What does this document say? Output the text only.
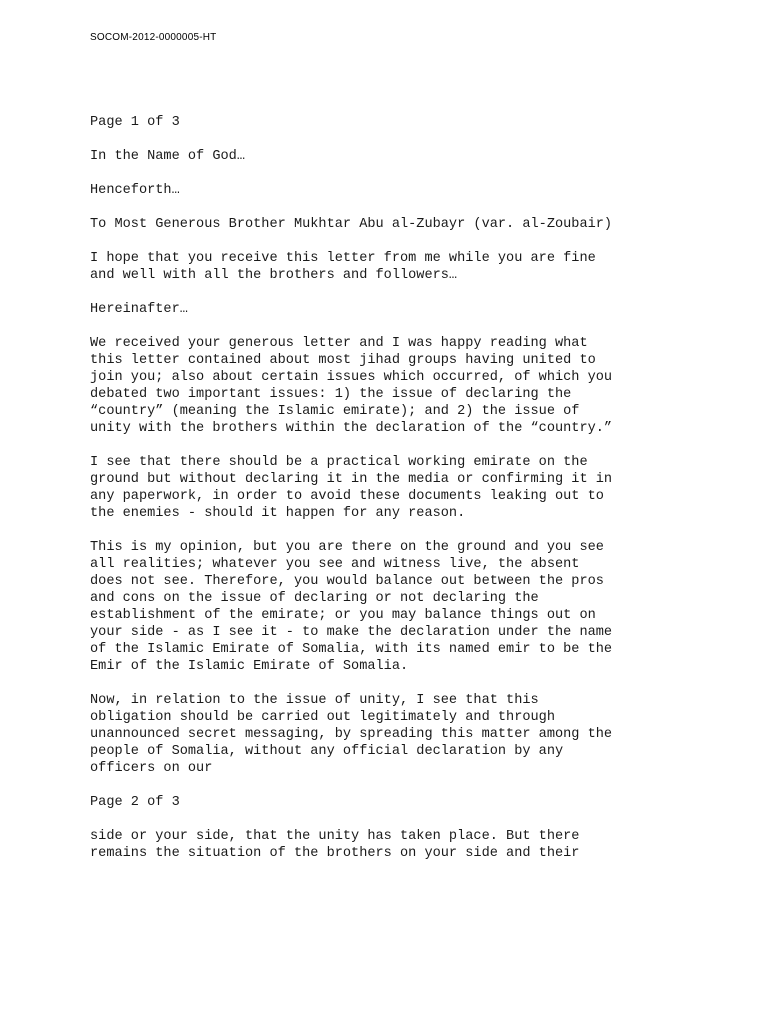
SOCOM-2012-0000005-HT

Page 1 of 3

In the Name of God…

Henceforth…

To Most Generous Brother Mukhtar Abu al-Zubayr (var. al-Zoubair)

I hope that you receive this letter from me while you are fine
and well with all the brothers and followers…

Hereinafter…

We received your generous letter and I was happy reading what
this letter contained about most jihad groups having united to
join you; also about certain issues which occurred, of which you
debated two important issues: 1) the issue of declaring the
“country” (meaning the Islamic emirate); and 2) the issue of
unity with the brothers within the declaration of the “country.”

I see that there should be a practical working emirate on the
ground but without declaring it in the media or confirming it in
any paperwork, in order to avoid these documents leaking out to
the enemies - should it happen for any reason.

This is my opinion, but you are there on the ground and you see
all realities; whatever you see and witness live, the absent
does not see. Therefore, you would balance out between the pros
and cons on the issue of declaring or not declaring the
establishment of the emirate; or you may balance things out on
your side - as I see it - to make the declaration under the name
of the Islamic Emirate of Somalia, with its named emir to be the
Emir of the Islamic Emirate of Somalia.

Now, in relation to the issue of unity, I see that this
obligation should be carried out legitimately and through
unannounced secret messaging, by spreading this matter among the
people of Somalia, without any official declaration by any
officers on our

Page 2 of 3

side or your side, that the unity has taken place. But there
remains the situation of the brothers on your side and their
